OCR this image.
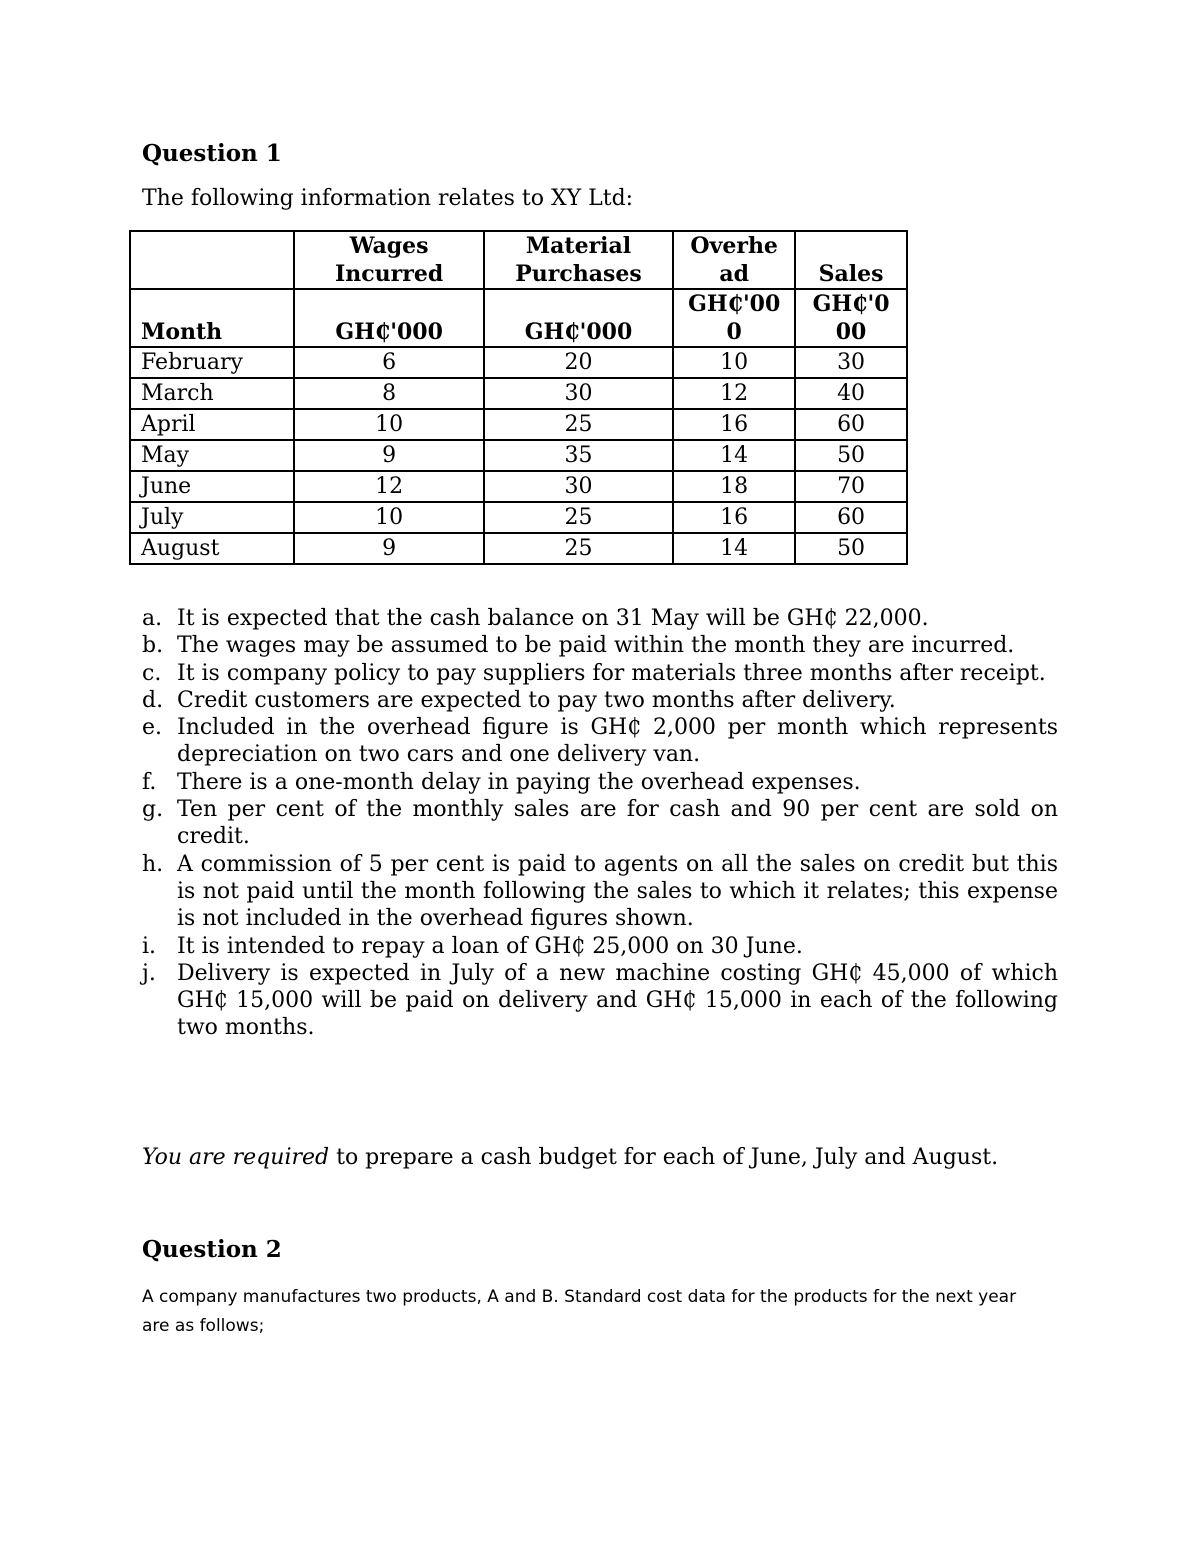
Question 1
The following information relates to XY Ltd:
	Wages Incurred	Material Purchases	Overhe ad	Sales
Month	GH₵'000	GH₵'000	GH₵'00 0	GH₵'0 00
February	6	20	10	30
March	8	30	12	40
April	10	25	16	60
May	9	35	14	50
June	12	30	18	70
July	10	25	16	60
August	9	25	14	50
a. It is expected that the cash balance on 31 May will be GH₵ 22,000.
b. The wages may be assumed to be paid within the month they are incurred.
c. It is company policy to pay suppliers for materials three months after receipt.
d. Credit customers are expected to pay two months after delivery.
e. Included in the overhead figure is GH₵ 2,000 per month which represents depreciation on two cars and one delivery van.
f. There is a one-month delay in paying the overhead expenses.
g. Ten per cent of the monthly sales are for cash and 90 per cent are sold on credit.
h. A commission of 5 per cent is paid to agents on all the sales on credit but this is not paid until the month following the sales to which it relates; this expense is not included in the overhead figures shown.
i. It is intended to repay a loan of GH₵ 25,000 on 30 June.
j. Delivery is expected in July of a new machine costing GH₵ 45,000 of which GH₵ 15,000 will be paid on delivery and GH₵ 15,000 in each of the following two months.
You are required to prepare a cash budget for each of June, July and August.
Question 2
A company manufactures two products, A and B. Standard cost data for the products for the next year are as follows;
